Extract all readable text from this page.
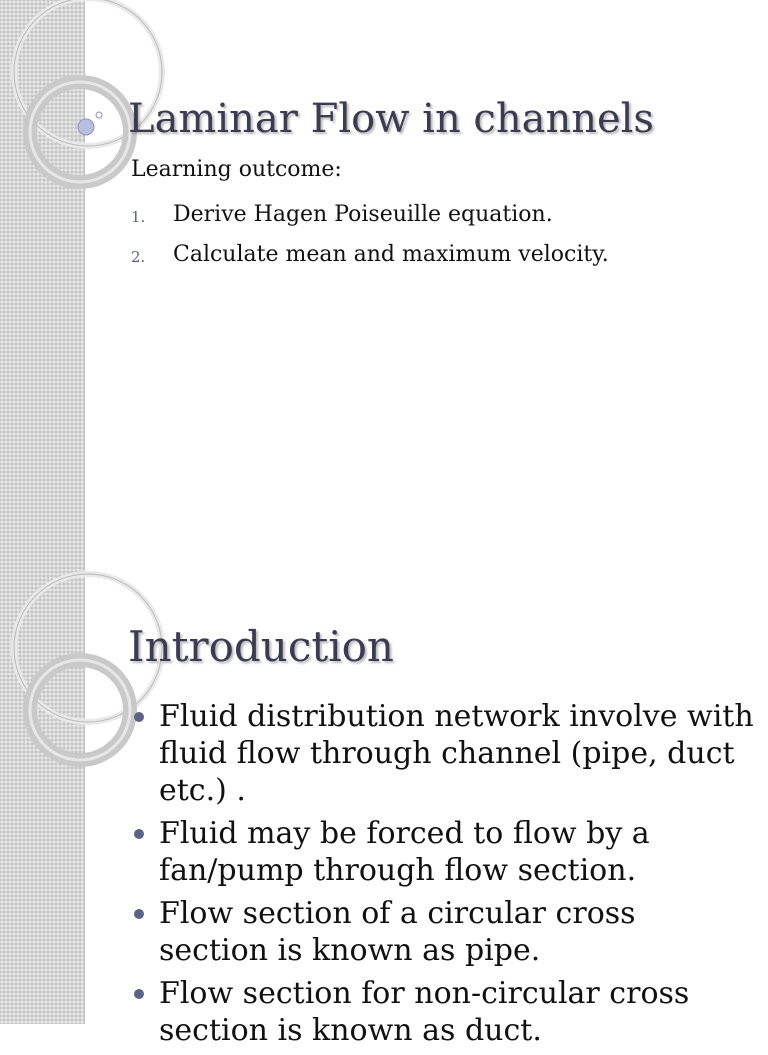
Laminar Flow in channels
Learning outcome:
1. Derive Hagen Poiseuille equation.
2. Calculate mean and maximum velocity.
Introduction
Fluid distribution network involve with fluid flow through channel (pipe, duct etc.) .
Fluid may be forced to flow by a fan/pump through flow section.
Flow section of a circular cross section is known as pipe.
Flow section for non-circular cross section is known as duct.
